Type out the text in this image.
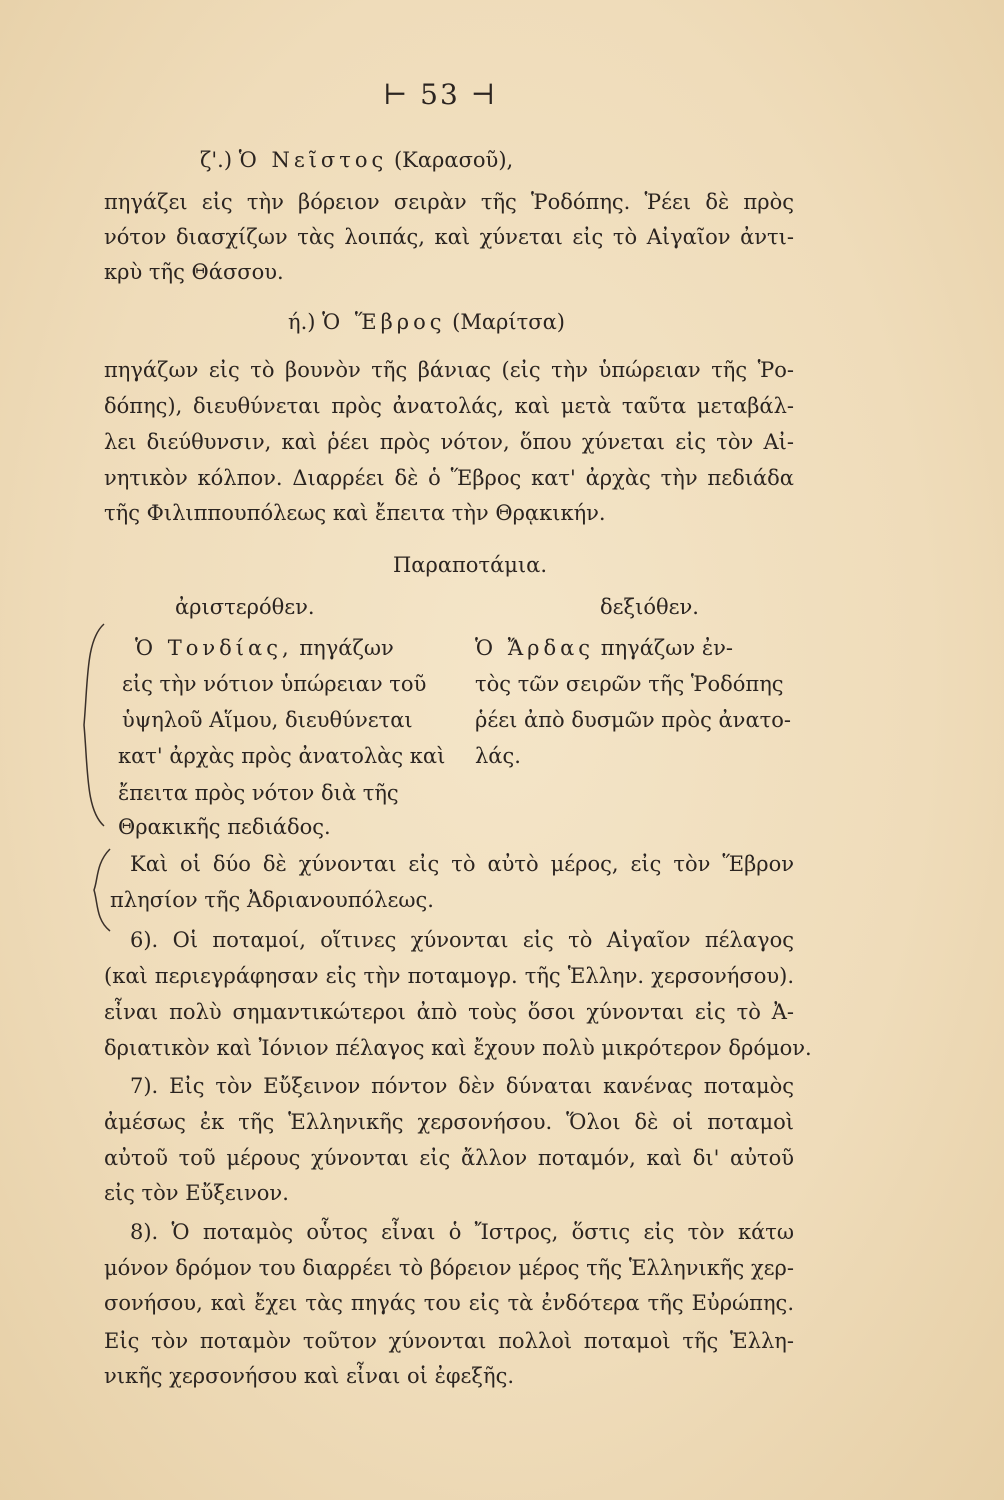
⊢ 53 ⊣
ζ'.) Ὁ Νεῖστος (Καρασοῦ),
πηγάζει εἰς τὴν βόρειον σειρὰν τῆς Ῥοδόπης. Ῥέει δὲ πρὸς
νότον διασχίζων τὰς λοιπάς, καὶ χύνεται εἰς τὸ Αἰγαῖον ἀντι-
κρὺ τῆς Θάσσου.
ή.) Ὁ Ἕβρος (Μαρίτσα)
πηγάζων εἰς τὸ βουνὸν τῆς βάνιας (εἰς τὴν ὑπώρειαν τῆς Ῥο-
δόπης), διευθύνεται πρὸς ἀνατολάς, καὶ μετὰ ταῦτα μεταβάλ-
λει διεύθυνσιν, καὶ ῥέει πρὸς νότον, ὅπου χύνεται εἰς τὸν Αἰ-
νητικὸν κόλπον. Διαρρέει δὲ ὁ Ἕβρος κατ' ἀρχὰς τὴν πεδιάδα
τῆς Φιλιππουπόλεως καὶ ἔπειτα τὴν Θρᾳκικήν.
Παραποτάμια.
ἀριστερόθεν.	δεξιόθεν.
Ὁ Τονδίας, πηγάζων
εἰς τὴν νότιον ὑπώρειαν τοῦ
ὑψηλοῦ Αἵμου, διευθύνεται
κατ' ἀρχὰς πρὸς ἀνατολὰς καὶ
ἔπειτα πρὸς νότον διὰ τῆς
Θρακικῆς πεδιάδος.
Ὁ Ἄρδας πηγάζων ἐν-
τὸς τῶν σειρῶν τῆς Ῥοδόπης
ῥέει ἀπὸ δυσμῶν πρὸς ἀνατο-
λάς.
Καὶ οἱ δύο δὲ χύνονται εἰς τὸ αὐτὸ μέρος, εἰς τὸν Ἕβρον
πλησίον τῆς Ἀδριανουπόλεως.
6). Οἱ ποταμοί, οἵτινες χύνονται εἰς τὸ Αἰγαῖον πέλαγος
(καὶ περιεγράφησαν εἰς τὴν ποταμογρ. τῆς Ἑλλην. χερσονήσου).
εἶναι πολὺ σημαντικώτεροι ἀπὸ τοὺς ὅσοι χύνονται εἰς τὸ Ἀ-
δριατικὸν καὶ Ἰόνιον πέλαγος καὶ ἔχουν πολὺ μικρότερον δρόμον.
7). Εἰς τὸν Εὔξεινον πόντον δὲν δύναται κανένας ποταμὸς
ἀμέσως ἐκ τῆς Ἑλληνικῆς χερσονήσου. Ὅλοι δὲ οἱ ποταμοὶ
αὐτοῦ τοῦ μέρους χύνονται εἰς ἄλλον ποταμόν, καὶ δι' αὐτοῦ
εἰς τὸν Εὔξεινον.
8). Ὁ ποταμὸς οὗτος εἶναι ὁ Ἴστρος, ὅστις εἰς τὸν κάτω
μόνον δρόμον του διαρρέει τὸ βόρειον μέρος τῆς Ἑλληνικῆς χερ-
σονήσου, καὶ ἔχει τὰς πηγάς του εἰς τὰ ἐνδότερα τῆς Εὐρώπης.
Εἰς τὸν ποταμὸν τοῦτον χύνονται πολλοὶ ποταμοὶ τῆς Ἑλλη-
νικῆς χερσονήσου καὶ εἶναι οἱ ἐφεξῆς.
